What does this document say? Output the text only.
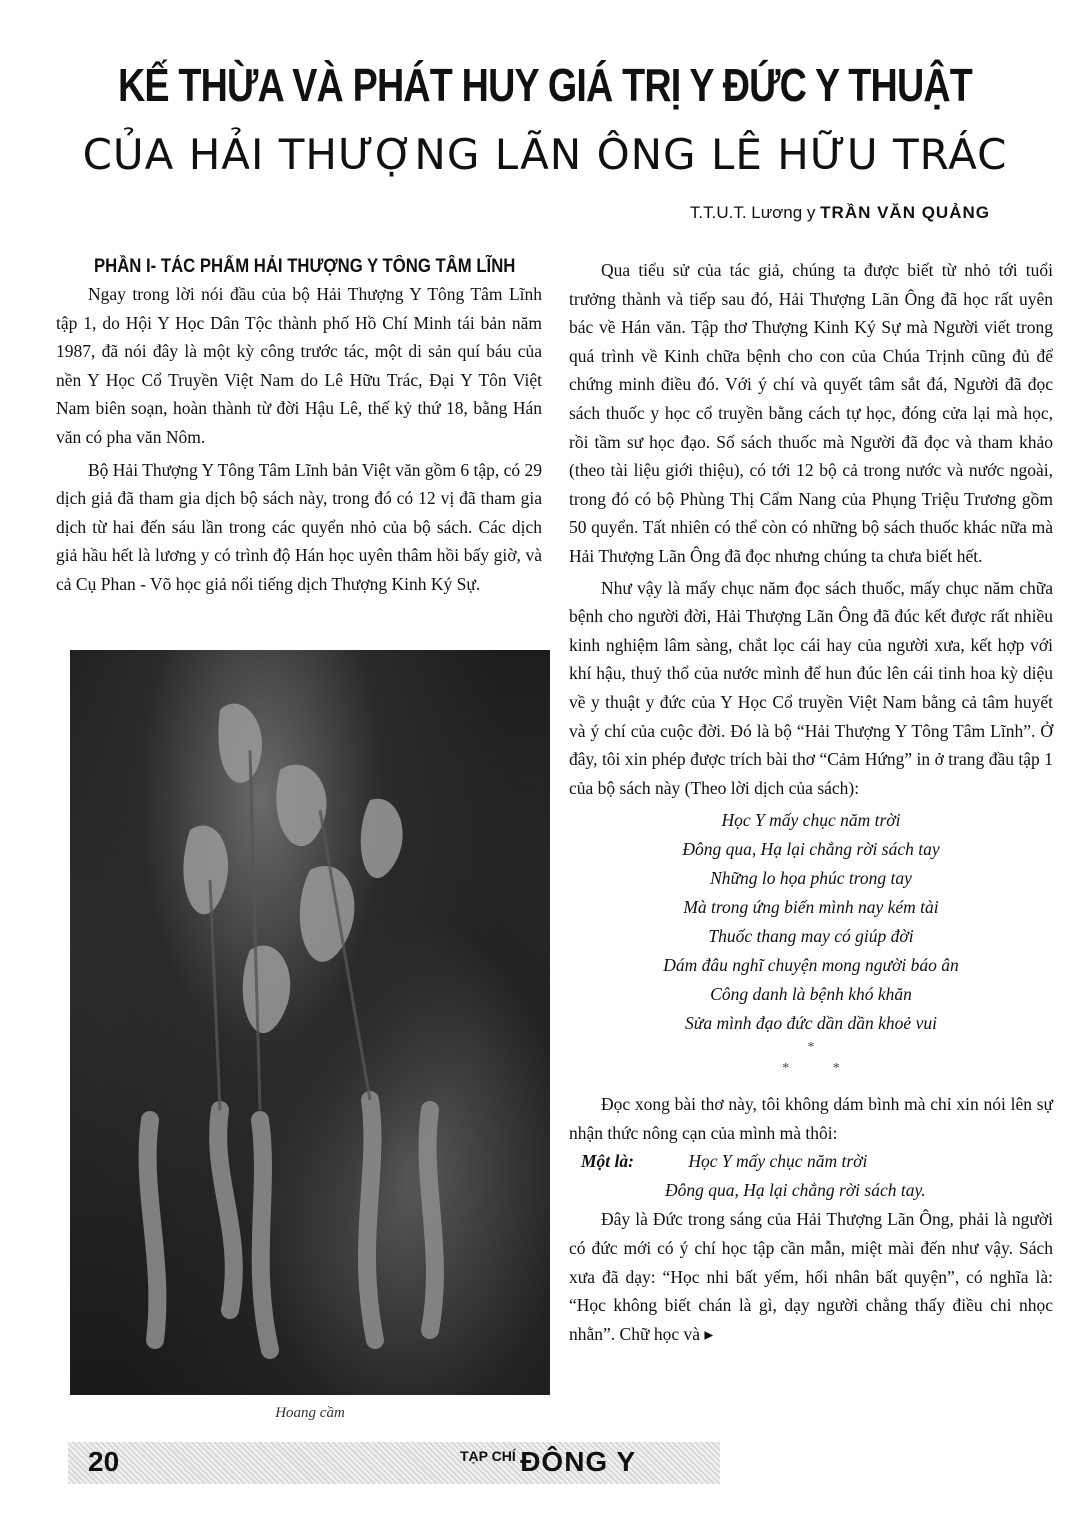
KẾ THỪA VÀ PHÁT HUY GIÁ TRỊ Y ĐỨC Y THUẬT
CỦA HẢI THƯỢNG LÃN ÔNG LÊ HỮU TRÁC
T.T.U.T. Lương y TRẦN VĂN QUẢNG
PHẦN I- TÁC PHẨM HẢI THƯỢNG Y TÔNG TÂM LĨNH

Ngay trong lời nói đầu của bộ Hải Thượng Y Tông Tâm Lĩnh tập 1, do Hội Y Học Dân Tộc thành phố Hồ Chí Minh tái bản năm 1987, đã nói đây là một kỳ công trước tác, một di sản quí báu của nền Y Học Cổ Truyền Việt Nam do Lê Hữu Trác, Đại Y Tôn Việt Nam biên soạn, hoàn thành từ đời Hậu Lê, thế kỷ thứ 18, bằng Hán văn có pha văn Nôm.

Bộ Hải Thượng Y Tông Tâm Lĩnh bản Việt văn gồm 6 tập, có 29 dịch giả đã tham gia dịch bộ sách này, trong đó có 12 vị đã tham gia dịch từ hai đến sáu lần trong các quyển nhỏ của bộ sách. Các dịch giả hầu hết là lương y có trình độ Hán học uyên thâm hồi bấy giờ, và cả Cụ Phan - Võ học giả nổi tiếng dịch Thượng Kinh Ký Sự.

Hoang cầm

Qua tiểu sử của tác giả, chúng ta được biết từ nhỏ tới tuổi trưởng thành và tiếp sau đó, Hải Thượng Lãn Ông đã học rất uyên bác về Hán văn. Tập thơ Thượng Kinh Ký Sự mà Người viết trong quá trình về Kinh chữa bệnh cho con của Chúa Trịnh cũng đủ để chứng minh điều đó. Với ý chí và quyết tâm sắt đá, Người đã đọc sách thuốc y học cổ truyền bằng cách tự học, đóng cửa lại mà học, rồi tầm sư học đạo. Số sách thuốc mà Người đã đọc và tham khảo (theo tài liệu giới thiệu), có tới 12 bộ cả trong nước và nước ngoài, trong đó có bộ Phùng Thị Cẩm Nang của Phụng Triệu Trương gồm 50 quyển. Tất nhiên có thể còn có những bộ sách thuốc khác nữa mà Hải Thượng Lãn Ông đã đọc nhưng chúng ta chưa biết hết.

Như vậy là mấy chục năm đọc sách thuốc, mấy chục năm chữa bệnh cho người đời, Hải Thượng Lãn Ông đã đúc kết được rất nhiều kinh nghiệm lâm sàng, chắt lọc cái hay của người xưa, kết hợp với khí hậu, thuỷ thổ của nước mình để hun đúc lên cái tinh hoa kỳ diệu về y thuật y đức của Y Học Cổ truyền Việt Nam bằng cả tâm huyết và ý chí của cuộc đời. Đó là bộ “Hải Thượng Y Tông Tâm Lĩnh”. Ở đây, tôi xin phép được trích bài thơ “Cảm Hứng” in ở trang đầu tập 1 của bộ sách này (Theo lời dịch của sách):

Học Y mấy chục năm trời
Đông qua, Hạ lại chẳng rời sách tay
Những lo họa phúc trong tay
Mà trong ứng biến mình nay kém tài
Thuốc thang may có giúp đời
Dám đâu nghĩ chuyện mong người báo ân
Công danh là bệnh khó khăn
Sửa mình đạo đức dần dần khoẻ vui
*
* *

Đọc xong bài thơ này, tôi không dám bình mà chỉ xin nói lên sự nhận thức nông cạn của mình mà thôi:

Một là:	Học Y mấy chục năm trời

Đông qua, Hạ lại chẳng rời sách tay.

Đây là Đức trong sáng của Hải Thượng Lãn Ông, phải là người có đức mới có ý chí học tập cần mẫn, miệt mài đến như vậy. Sách xưa đã dạy: “Học nhi bất yếm, hối nhân bất quyện”, có nghĩa là: “Học không biết chán là gì, dạy người chẳng thấy điều chi nhọc nhằn”. Chữ học và ▸

20	TẠP CHÍ ĐÔNG Y
